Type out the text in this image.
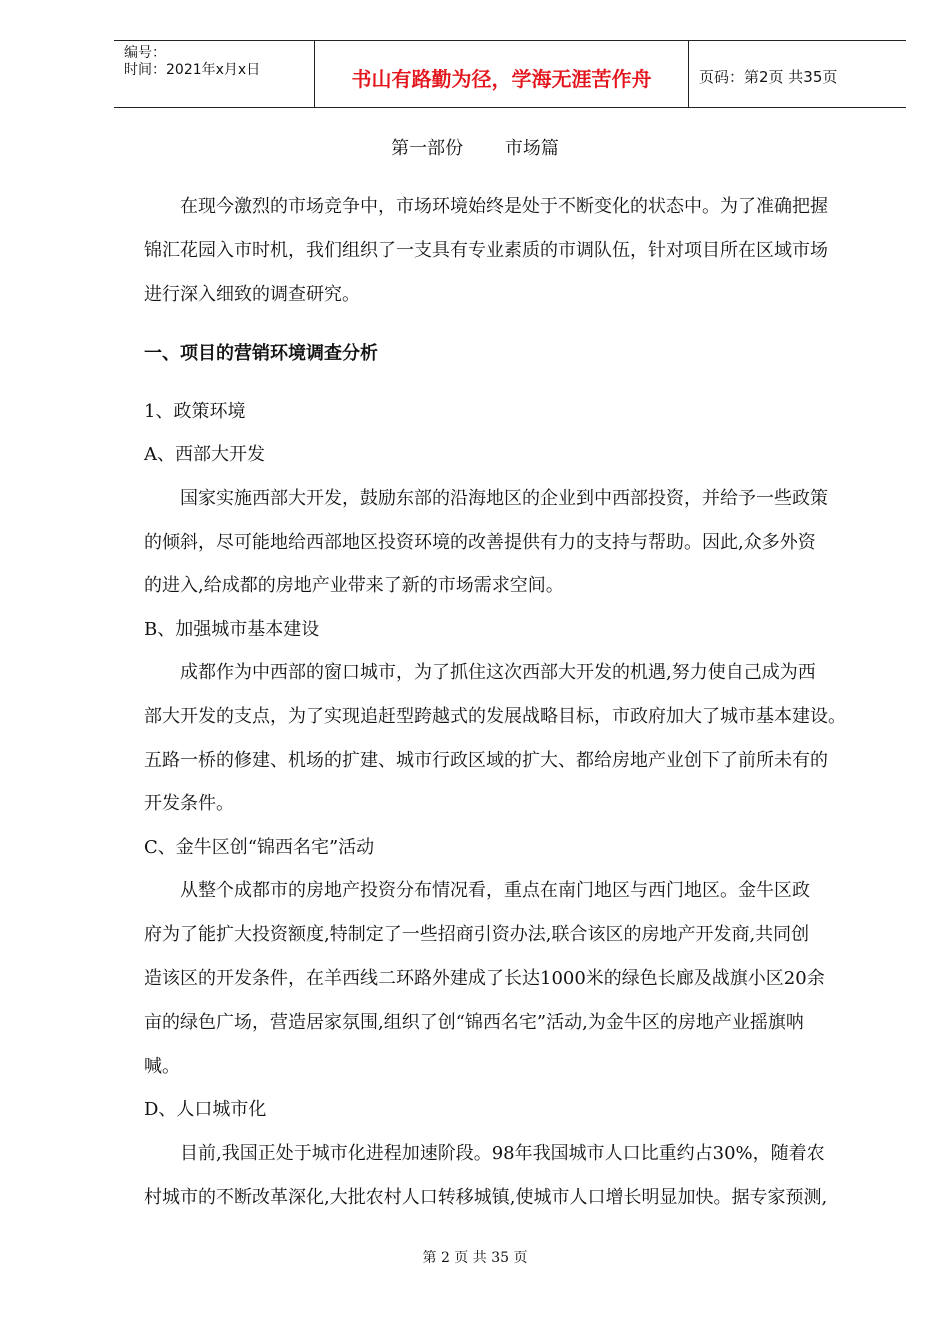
编号：
时间：2021年x月x日	书山有路勤为径，学海无涯苦作舟	页码：第2页 共35页
第一部份 市场篇
在现今激烈的市场竞争中，市场环境始终是处于不断变化的状态中。为了准确把握
锦汇花园入市时机，我们组织了一支具有专业素质的市调队伍，针对项目所在区域市场
进行深入细致的调查研究。
一、项目的营销环境调查分析
1、政策环境
A、西部大开发
国家实施西部大开发，鼓励东部的沿海地区的企业到中西部投资，并给予一些政策
的倾斜，尽可能地给西部地区投资环境的改善提供有力的支持与帮助。因此,众多外资
的进入,给成都的房地产业带来了新的市场需求空间。
B、加强城市基本建设
成都作为中西部的窗口城市，为了抓住这次西部大开发的机遇,努力使自己成为西
部大开发的支点，为了实现追赶型跨越式的发展战略目标，市政府加大了城市基本建设。
五路一桥的修建、机场的扩建、城市行政区域的扩大、都给房地产业创下了前所未有的
开发条件。
C、金牛区创“锦西名宅”活动
从整个成都市的房地产投资分布情况看，重点在南门地区与西门地区。金牛区政
府为了能扩大投资额度,特制定了一些招商引资办法,联合该区的房地产开发商,共同创
造该区的开发条件，在羊西线二环路外建成了长达1000米的绿色长廊及战旗小区20余
亩的绿色广场，营造居家氛围,组织了创“锦西名宅”活动,为金牛区的房地产业摇旗呐
喊。
D、人口城市化
目前,我国正处于城市化进程加速阶段。98年我国城市人口比重约占30%，随着农
村城市的不断改革深化,大批农村人口转移城镇,使城市人口增长明显加快。据专家预测,
第 2 页 共 35 页
